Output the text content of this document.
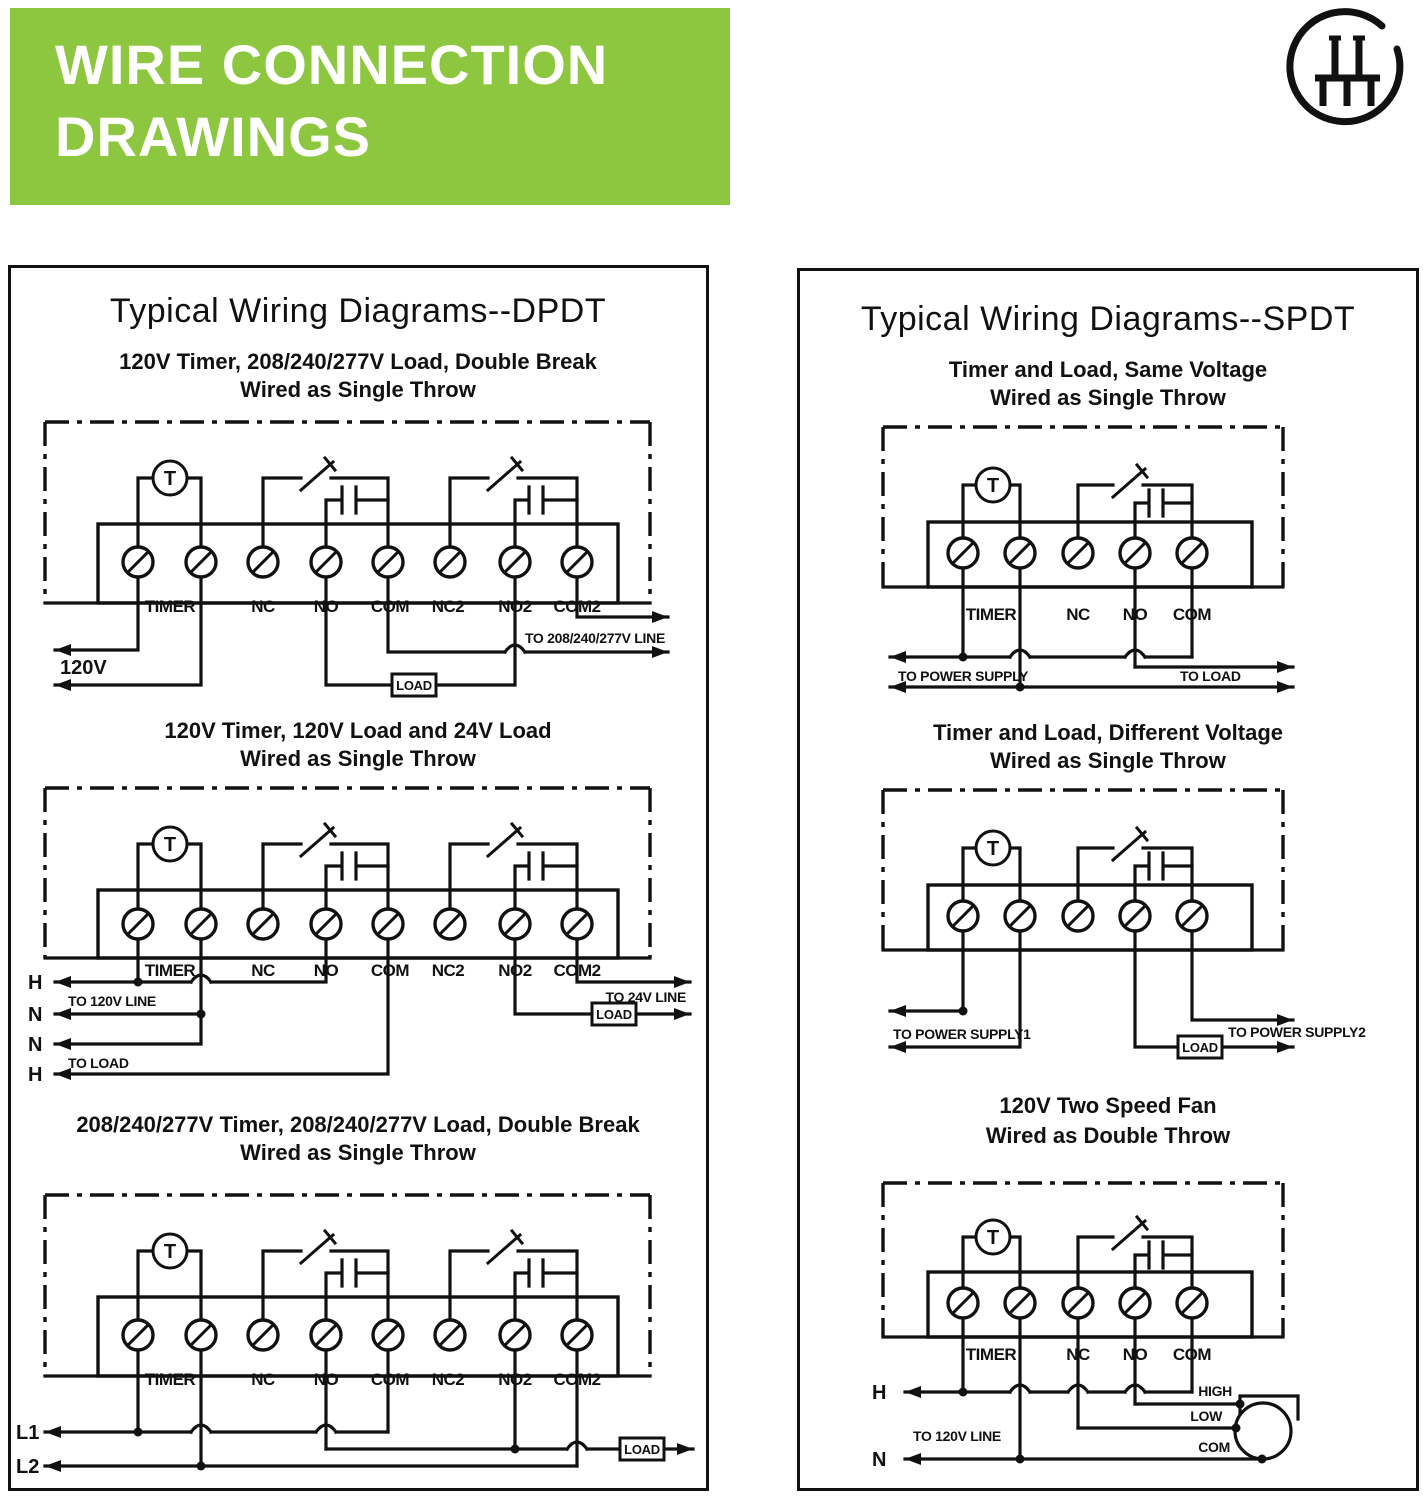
WIRE CONNECTION
DRAWINGS
Typical Wiring Diagrams--DPDT
120V Timer, 208/240/277V Load, Double Break
Wired as Single Throw
T
LOAD
TIMER	NC NO COM NC2 NO2 COM2
120V
TO 208/240/277V LINE
120V Timer, 120V Load and 24V Load
Wired as Single Throw
T
LOAD
TIMER	NC NO COM NC2 NO2 COM2
H
N
N
H
TO 120V LINE
TO LOAD
TO 24V LINE
208/240/277V Timer, 208/240/277V Load, Double Break
Wired as Single Throw
T
LOAD
TIMER	NC NO COM NC2 NO2 COM2
L1
L2
Typical Wiring Diagrams--SPDT
Timer and Load, Same Voltage
Wired as Single Throw
T
TIMER	NC NO COM
TO POWER SUPPLY	TO LOAD
Timer and Load, Different Voltage
Wired as Single Throw
T
LOAD
TO POWER SUPPLY1	TO POWER SUPPLY2
120V Two Speed Fan
Wired as Double Throw
T
TIMER	NC NO COM
H
N
TO 120V LINE
HIGH
LOW
COM
